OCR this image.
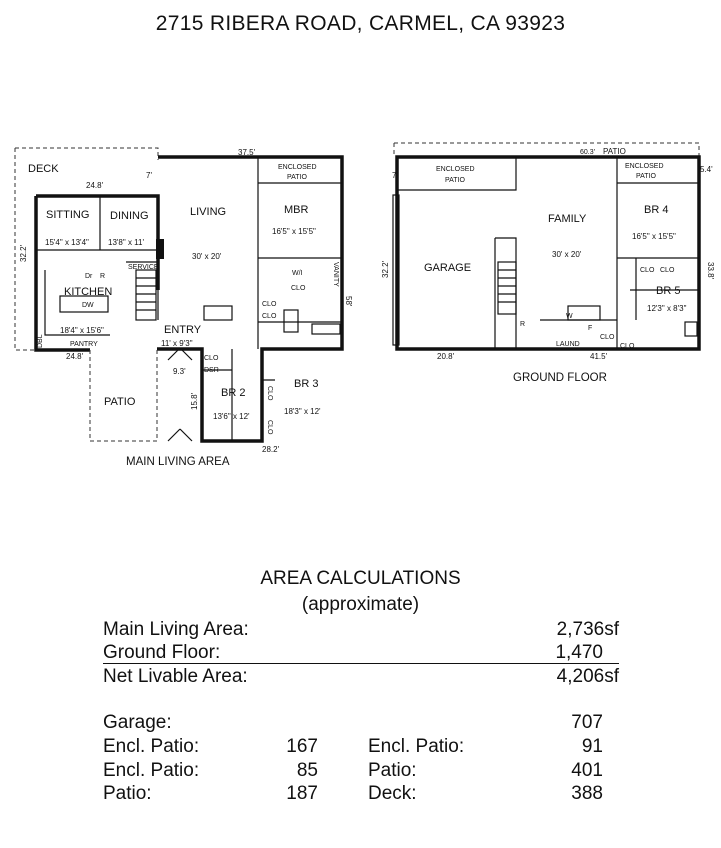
2715 RIBERA ROAD, CARMEL, CA 93923
DECK
24.8'
37.5'
7'
SITTING
15'4" x 13'4"
DINING
13'8" x 11'
LIVING
30' x 20'
ENCLOSED
PATIO
MBR
16'5" x 15'5"
W/I
CLO
CLO
CLO
VANITY
58'
SERVICE
32.2'
Dr R
KITCHEN
DW
18'4" x 15'6"
PANTRY
DBL
24.8'
ENTRY
11' x 9'3"
9.3'
CLO
DSR
BR 2
13'6" x 12'
CLO
CLO
BR 3
18'3" x 12'
15.8'
28.2'
PATIO
MAIN LIVING AREA
60.3' PATIO
7'
ENCLOSED
PATIO
ENCLOSED
PATIO
5.4'
FAMILY
30' x 20'
BR 4
16'5" x 15'5"
CLO CLO
BR 5
12'3" x 8'3"
33.8'
GARAGE
32.2'
R
W
F
CLO
CLO
LAUND
20.8'	41.5'
GROUND FLOOR
AREA CALCULATIONS
(approximate)
Main Living Area:	2,736sf
Ground Floor:	1,470
Net Livable Area:	4,206sf
Garage:	707
Encl. Patio:	167	Encl. Patio:	91
Encl. Patio:	85	Patio:	401
Patio:	187	Deck:	388
